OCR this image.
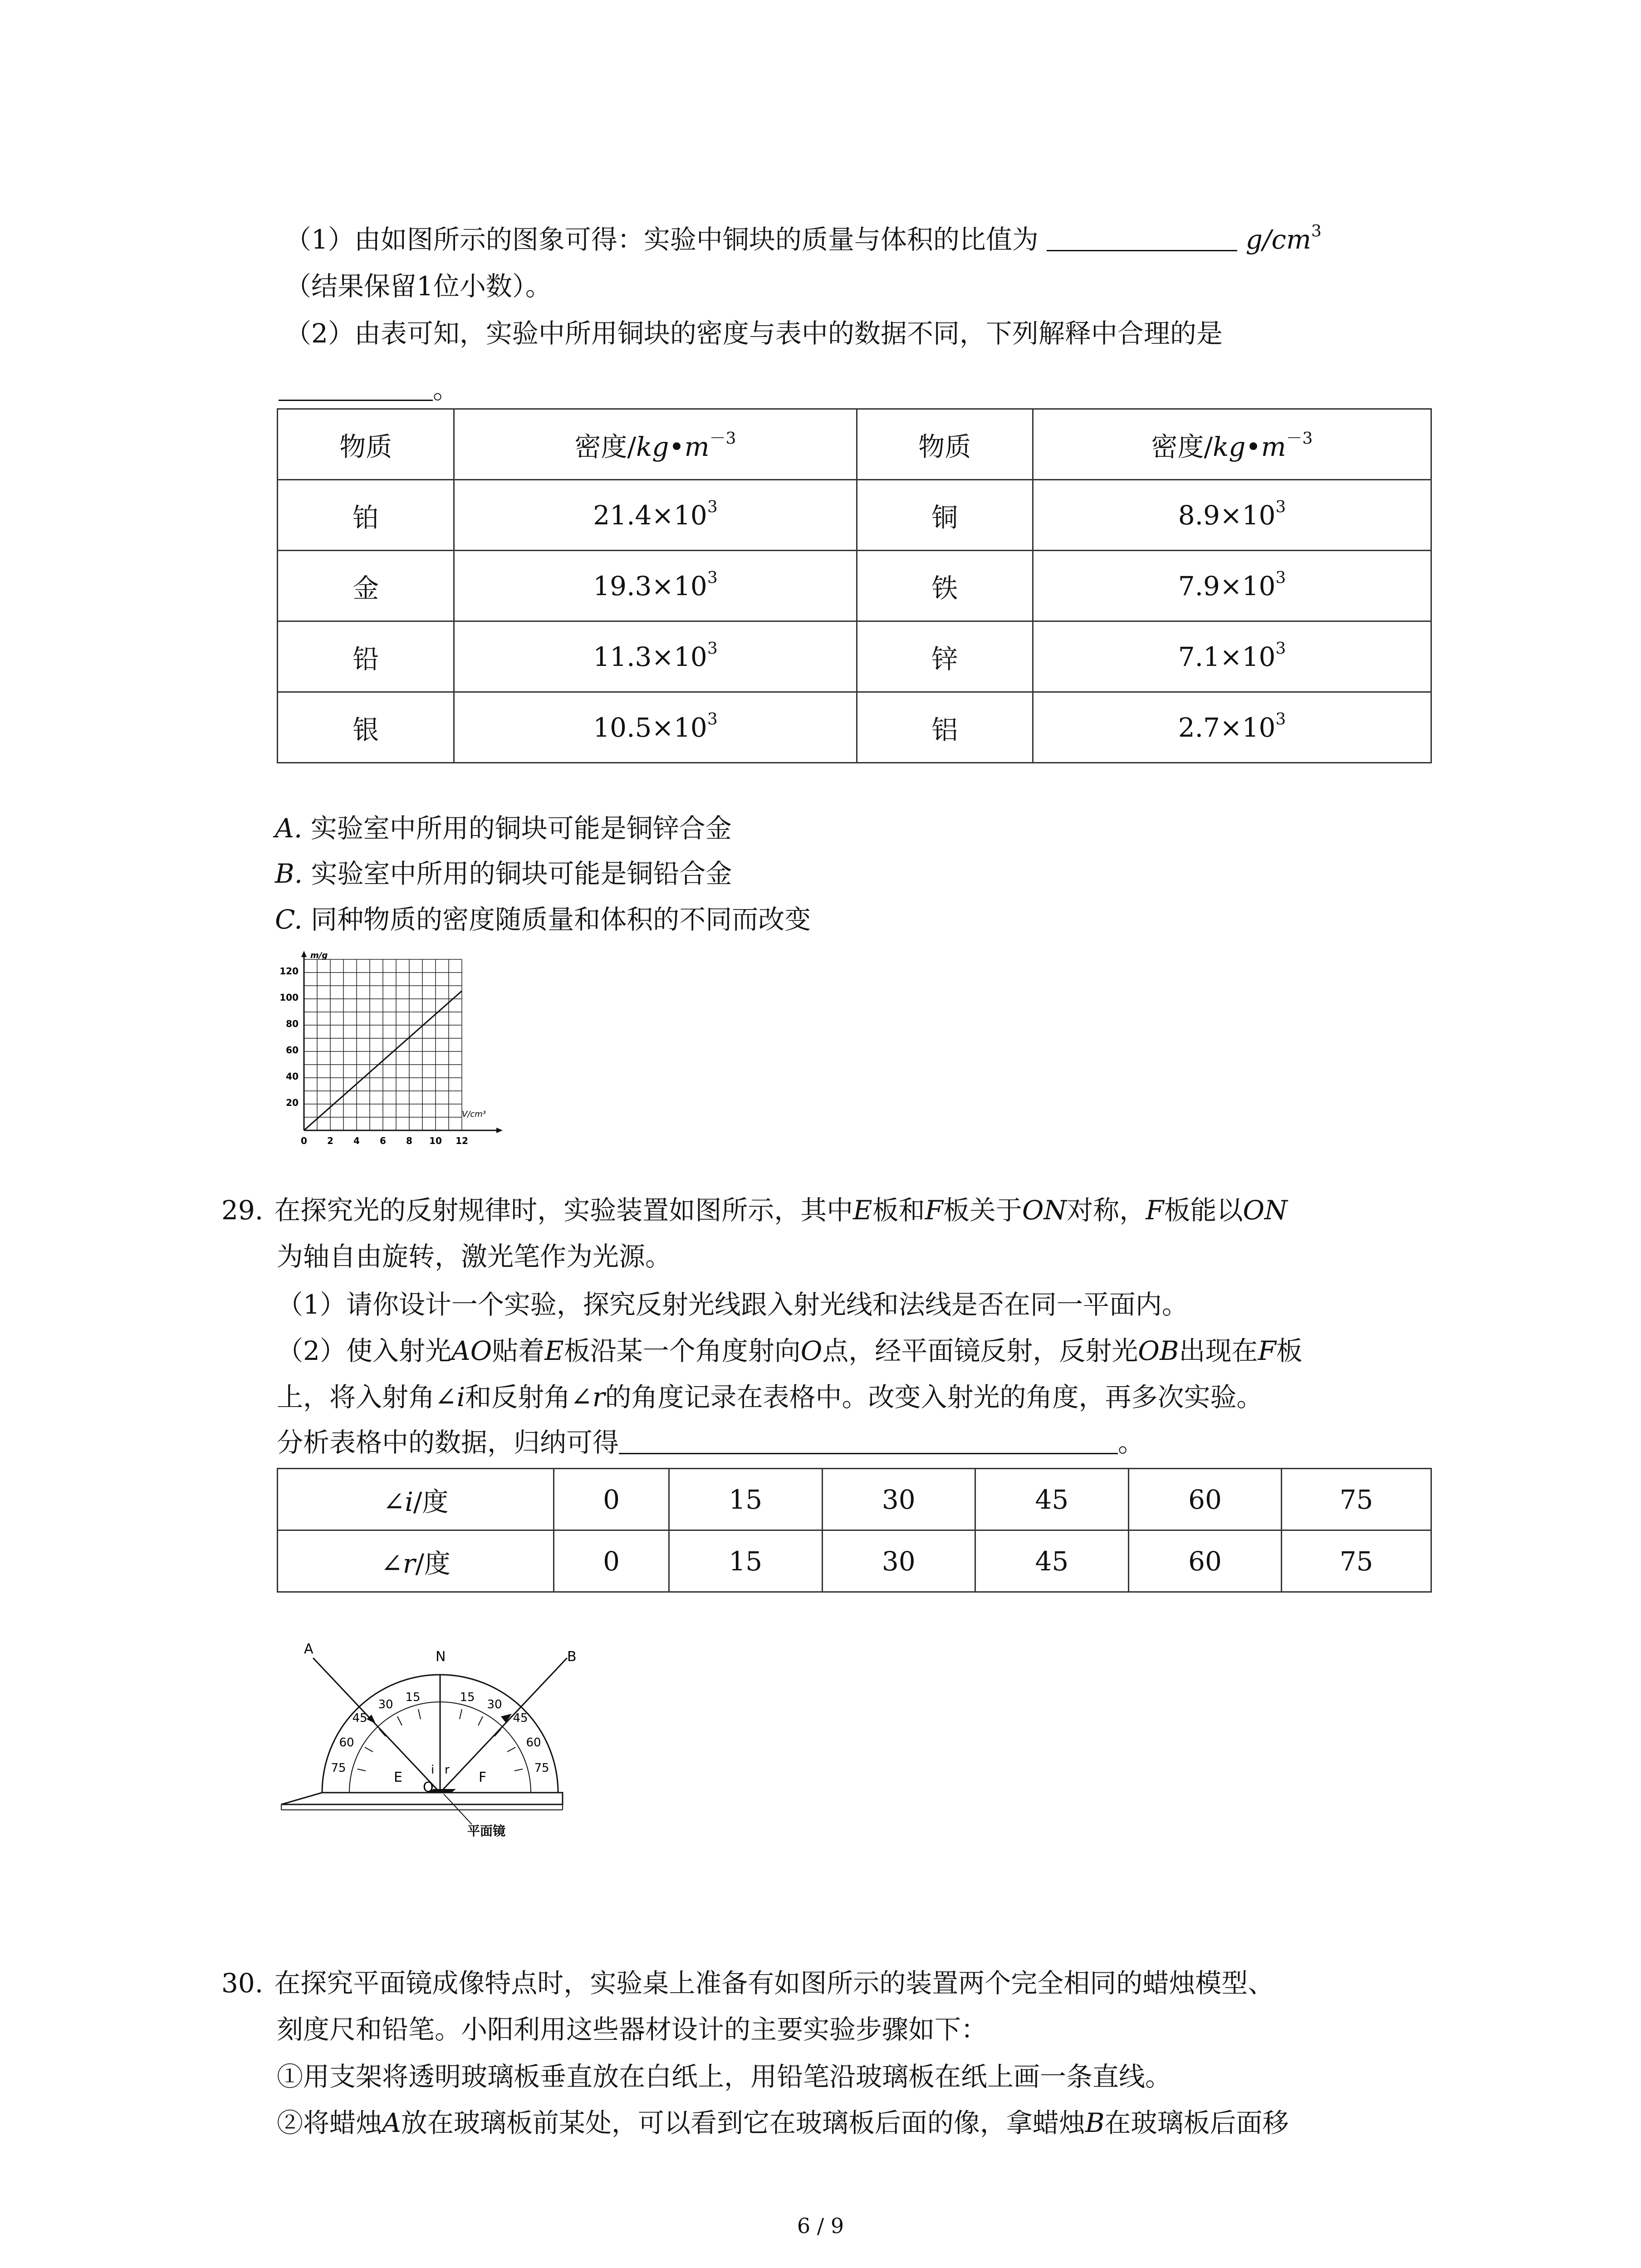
（1）由如图所示的图象可得：实验中铜块的质量与体积的比值为	$g/cm^3$
（结果保留1位小数）。
（2）由表可知，实验中所用铜块的密度与表中的数据不同，下列解释中合理的是
。
物质	密度$/kg•m^{-3}$	物质	密度$/kg•m^{-3}$
铂	$21.4\times 10^3$	铜	$8.9\times 10^3$
金	$19.3\times 10^3$	铁	$7.9\times 10^3$
铅	$11.3\times 10^3$	锌	$7.1\times 10^3$
银	$10.5\times 10^3$	铝	$2.7\times 10^3$
A. 实验室中所用的铜块可能是铜锌合金
B. 实验室中所用的铜块可能是铜铅合金
C. 同种物质的密度随质量和体积的不同而改变
m/g
V/cm³
120
100
80
60
40
20
0 2 4 6 8 10 12
29. 在探究光的反射规律时，实验装置如图所示，其中E板和F板关于ON对称，F板能以ON
为轴自由旋转，激光笔作为光源。
（1）请你设计一个实验，探究反射光线跟入射光线和法线是否在同一平面内。
（2）使入射光AO贴着E板沿某一个角度射向O点，经平面镜反射，反射光OB出现在F板
上，将入射角∠i和反射角∠r的角度记录在表格中。改变入射光的角度，再多次实验。
分析表格中的数据，归纳可得	。
∠i/度	0	15	30	45	60	75
∠r/度	0	15	30	45	60	75
平面镜
A	N	B
E	F
O
i r
15
30
45
60
75
15
30
45
60
75
30. 在探究平面镜成像特点时，实验桌上准备有如图所示的装置两个完全相同的蜡烛模型、
刻度尺和铅笔。小阳利用这些器材设计的主要实验步骤如下：
①用支架将透明玻璃板垂直放在白纸上，用铅笔沿玻璃板在纸上画一条直线。
②将蜡烛A放在玻璃板前某处，可以看到它在玻璃板后面的像，拿蜡烛B在玻璃板后面移
6 / 9
